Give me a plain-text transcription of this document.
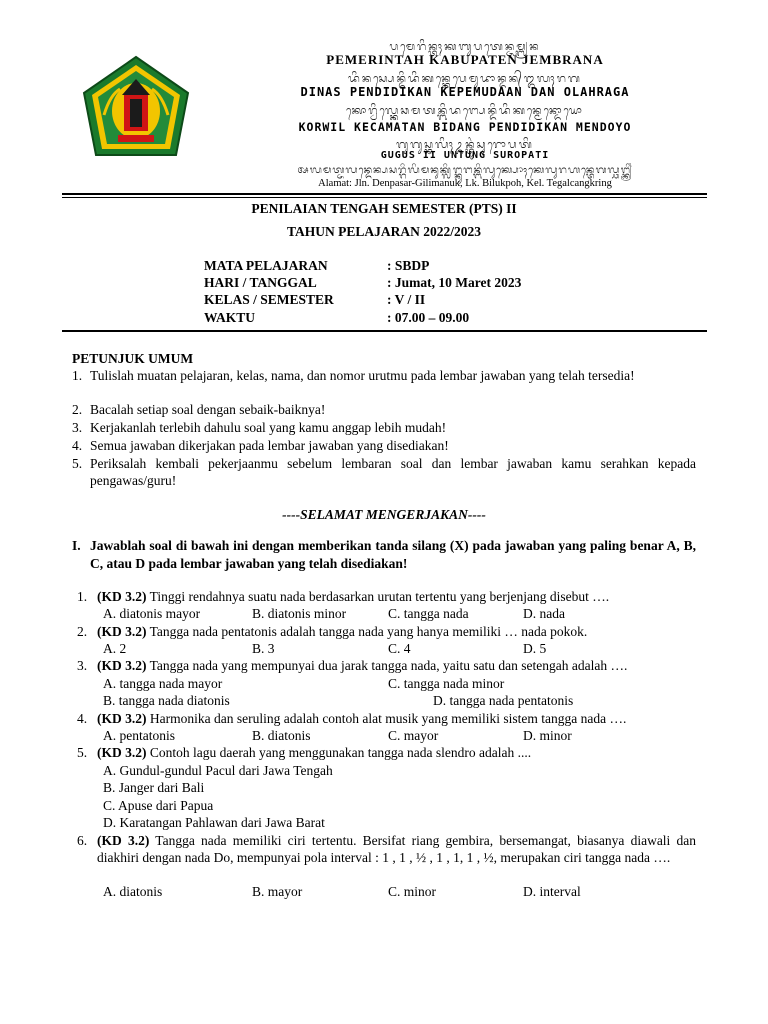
ᬧᬫᬾᬭᬶᬦ᭄ᬢᬄᬓᬩᬸᬧᬢᬾᬦ᭄ᬚᬫ᭄ᬩ᭄ᬭᬦ
PEMERINTAH KABUPATEN JEMBRANA
ᬤᬶᬦᬲ᭄ᬧᬾᬦ᭄ᬤᬶᬤᬶᬓᬦ᭄ᬓᬾᬧᬾᬫᬸᬤᬵᬦ᭄ᬤᬦ᭄ᬑᬮᬄᬭᬕ
DINAS PENDIDIKAN KEPEMUDAAN DAN OLAHRAGA
ᬓᭀᬭ᭄ᬯᬶᬮ᭄ᬓᬾᬘᬫᬢᬦ᭄ᬩᬶᬤᬗ᭄ᬧᬾᬦ᭄ᬤᬶᬤᬶᬓᬦ᭄ᬫᬾᬦ᭄ᬤᭀᬬᭀ
KORWIL KECAMATAN BIDANG PENDIDIKAN MENDOYO
ᬕᬸᬕᬸᬲ᭄ᬓᬮᬶᬄᬉᬦ᭄ᬢᬸᬂᬲᬸᬭᭀᬧᬢᬶ
GUGUS II UNTUNG SUROPATI
ᬅᬮᬫᬢ᭄ᬚᬮᬦ᭄ᬤᬾᬦ᭄ᬧᬲᬭ᭄ᬕᬶᬮᬶᬫᬦᬸᬓ᭄ᬮᬶᬗ᭄ᬓᬸᬗᬦ᭄ᬩᬶᬮᬸᬓ᭄ᬧᭀᬄᬓᬾᬮᬸᬭᬳᬦ᭄ᬢᬾᬕᬮ᭄ᬘᬗ᭄ᬓ᭄ᬭᬶᬂ
Alamat: Jln. Denpasar-Gilimanuk, Lk. Bilukpoh, Kel. Tegalcangkring
PENILAIAN TENGAH SEMESTER (PTS) II
TAHUN PELAJARAN 2022/2023
MATA PELAJARAN	: SBDP
HARI / TANGGAL	: Jumat, 10 Maret 2023
KELAS / SEMESTER	: V / II
WAKTU	: 07.00 – 09.00
PETUNJUK UMUM
1. Tulislah muatan pelajaran, kelas, nama, dan nomor urutmu pada lembar jawaban yang telah tersedia!
2. Bacalah setiap soal dengan sebaik-baiknya!
3. Kerjakanlah terlebih dahulu soal yang kamu anggap lebih mudah!
4. Semua jawaban dikerjakan pada lembar jawaban yang disediakan!
5. Periksalah kembali pekerjaanmu sebelum lembaran soal dan lembar jawaban kamu serahkan kepada pengawas/guru!
----SELAMAT MENGERJAKAN----
I. Jawablah soal di bawah ini dengan memberikan tanda silang (X) pada jawaban yang paling benar A, B, C, atau D pada lembar jawaban yang telah disediakan!
1. (KD 3.2) Tinggi rendahnya suatu nada berdasarkan urutan tertentu yang berjenjang disebut ….
A. diatonis mayor	B. diatonis minor	C. tangga nada	D. nada
2. (KD 3.2) Tangga nada pentatonis adalah tangga nada yang hanya memiliki … nada pokok.
A. 2	B. 3	C. 4	D. 5
3. (KD 3.2) Tangga nada yang mempunyai dua jarak tangga nada, yaitu satu dan setengah adalah ….
A. tangga nada mayor	C. tangga nada minor
B. tangga nada diatonis	D. tangga nada pentatonis
4. (KD 3.2) Harmonika dan seruling adalah contoh alat musik yang memiliki sistem tangga nada ….
A. pentatonis	B. diatonis	C. mayor	D. minor
5. (KD 3.2) Contoh lagu daerah yang menggunakan tangga nada slendro adalah ....
A. Gundul-gundul Pacul dari Jawa Tengah
B. Janger dari Bali
C. Apuse dari Papua
D. Karatangan Pahlawan dari Jawa Barat
6. (KD 3.2) Tangga nada memiliki ciri tertentu. Bersifat riang gembira, bersemangat, biasanya diawali dan diakhiri dengan nada Do, mempunyai pola interval : 1 , 1 , ½ , 1 , 1, 1 , ½, merupakan ciri tangga nada ….
A. diatonis	B. mayor	C. minor	D. interval
